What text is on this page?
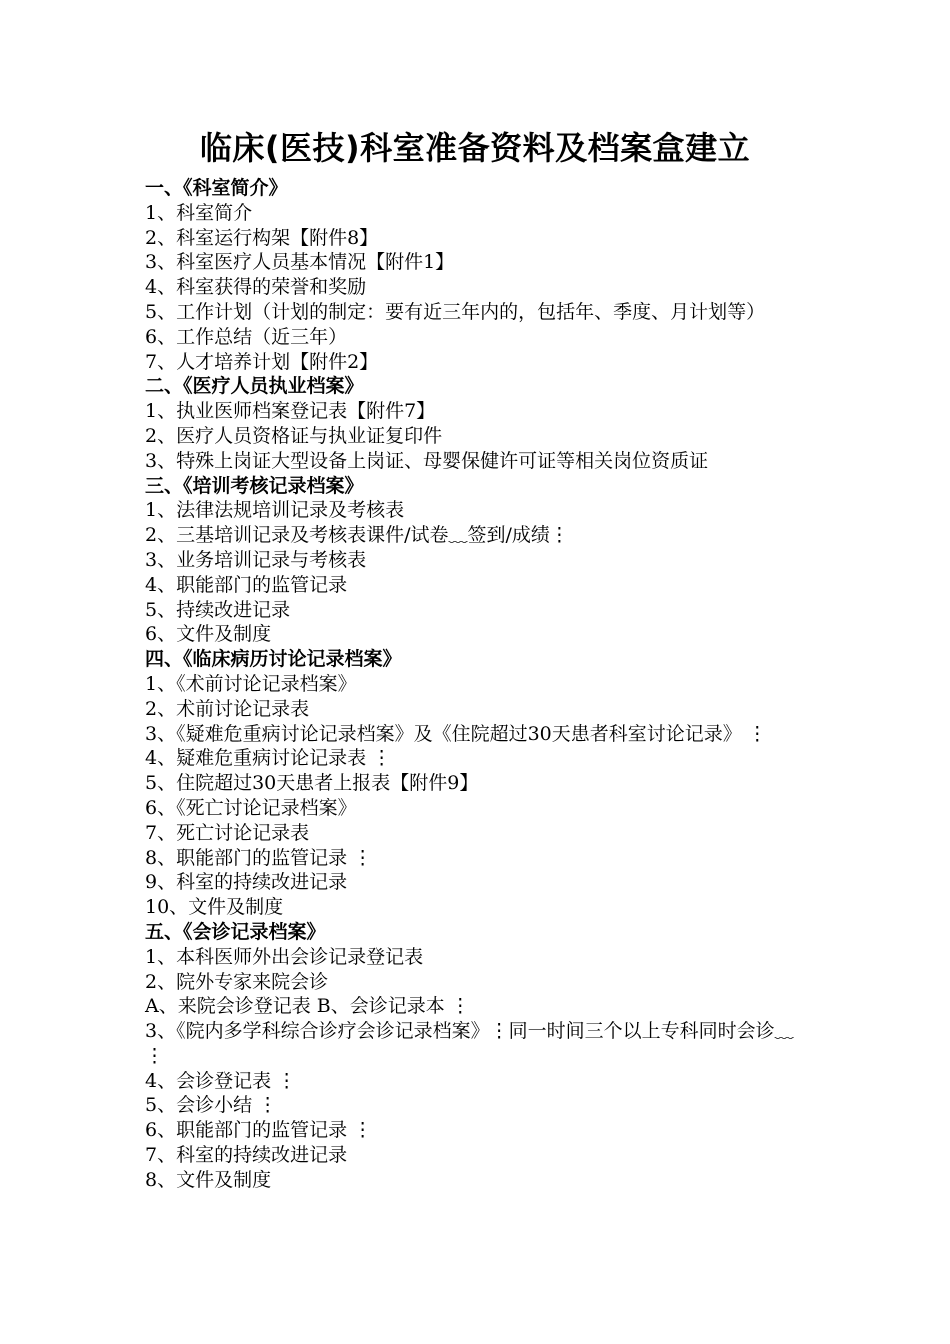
临床(医技)科室准备资料及档案盒建立
一、《科室简介》
1、科室简介
2、科室运行构架【附件8】
3、科室医疗人员基本情况【附件1】
4、科室获得的荣誉和奖励
5、工作计划（计划的制定：要有近三年内的，包括年、季度、月计划等）
6、工作总结（近三年）
7、人才培养计划【附件2】
二、《医疗人员执业档案》
1、执业医师档案登记表【附件7】
2、医疗人员资格证与执业证复印件
3、特殊上岗证大型设备上岗证、母婴保健许可证等相关岗位资质证
三、《培训考核记录档案》
1、法律法规培训记录及考核表
2、三基培训记录及考核表课件/试卷﹏签到/成绩⋮
3、业务培训记录与考核表
4、职能部门的监管记录
5、持续改进记录
6、文件及制度
四、《临床病历讨论记录档案》
1、《术前讨论记录档案》
2、术前讨论记录表
3、《疑难危重病讨论记录档案》及《住院超过30天患者科室讨论记录》 ⋮
4、疑难危重病讨论记录表 ⋮
5、住院超过30天患者上报表【附件9】
6、《死亡讨论记录档案》
7、死亡讨论记录表
8、职能部门的监管记录 ⋮
9、科室的持续改进记录
10、文件及制度
五、《会诊记录档案》
1、本科医师外出会诊记录登记表
2、院外专家来院会诊
A、来院会诊登记表 B、会诊记录本 ⋮
3、《院内多学科综合诊疗会诊记录档案》⋮同一时间三个以上专科同时会诊﹏⋮
4、会诊登记表 ⋮
5、会诊小结 ⋮
6、职能部门的监管记录 ⋮
7、科室的持续改进记录
8、文件及制度
